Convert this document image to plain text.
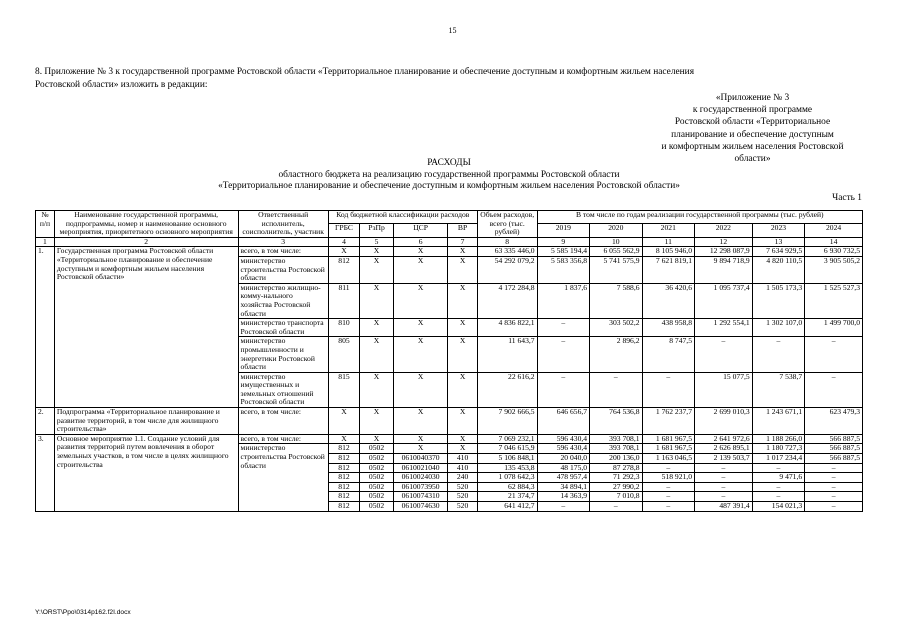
15
8. Приложение № 3 к государственной программе Ростовской области «Территориальное планирование и обеспечение доступным и комфортным жильем населения
Ростовской области» изложить в редакции:
«Приложение № 3
к государственной программе
Ростовской области «Территориальное
планирование и обеспечение доступным
и комфортным жильем населения Ростовской области»
РАСХОДЫ
областного бюджета на реализацию государственной программы Ростовской области
«Территориальное планирование и обеспечение доступным и комфортным жильем населения Ростовской области»
Часть 1
№ п/п	Наименование государственной программы, подпрограммы, номер и наименование основного мероприятия, приоритетного основного мероприятия	Ответственный исполнитель, соисполнитель, участник	Код бюджетной классификации расходов				Объем расходов, всего (тыс. рублей)	В том числе по годам реализации государственной программы (тыс. рублей)					
			ГРБС	РзПр	ЦСР	ВР		2019	2020	2021	2022	2023	2024
1	2	3	4	5	6	7	8	9	10	11	12	13	14
1.	Государственная программа Ростовской области «Территориальное планирование и обеспечение доступным и комфортным жильем населения Ростовской области»	всего, в том числе:	Х	Х	Х	Х	63 335 446,0	5 585 194,4	6 055 562,9	8 105 946,0	12 298 087,9	7 634 929,5	6 930 732,5
		министерство строительства Ростовской области	812	Х	Х	Х	54 292 079,2	5 583 356,8	5 741 575,9	7 621 819,1	9 894 718,9	4 820 110,5	3 905 505,2
		министерство жилищно-комму-нального хозяйства Ростовской области	811	Х	Х	Х	4 172 284,8	1 837,6	7 588,6	36 420,6	1 095 737,4	1 505 173,3	1 525 527,3
		министерство транспорта Ростовской области	810	Х	Х	Х	4 836 822,1	–	303 502,2	438 958,8	1 292 554,1	1 302 107,0	1 499 700,0
		министерство промышленности и энергетики Ростовской области	805	Х	Х	Х	11 643,7	–	2 896,2	8 747,5	–	–	–
		министерство имущественных и земельных отношений Ростовской области	815	Х	Х	Х	22 616,2	–	–	–	15 077,5	7 538,7	–
2.	Подпрограмма «Территориальное планирование и развитие территорий, в том числе для жилищного строительства»	всего, в том числе:	Х	Х	Х	Х	7 902 666,5	646 656,7	764 536,8	1 762 237,7	2 699 010,3	1 243 671,1	623 479,3
3.	Основное мероприятие 1.1. Создание условий для развития территорий путем вовлечения в оборот земельных участков, в том числе в целях жилищного строительства	всего, в том числе:	Х	Х	Х	Х	7 069 232,1	596 430,4	393 708,1	1 681 967,5	2 641 972,6	1 188 266,0	566 887,5
		министерство строительства Ростовской области	812	0502	Х	Х	7 046 615,9	596 430,4	393 708,1	1 681 967,5	2 626 895,1	1 180 727,3	566 887,5
			812	0502	0610040370	410	5 106 848,1	20 040,0	200 136,0	1 163 046,5	2 139 503,7	1 017 234,4	566 887,5
			812	0502	0610021040	410	135 453,8	48 175,0	87 278,8	–	–	–	–
			812	0502	0610024030	240	1 078 642,3	478 957,4	71 292,3	518 921,0	–	9 471,6	–
			812	0502	0610073950	520	62 884,3	34 894,1	27 990,2	–	–	–	–
			812	0502	0610074310	520	21 374,7	14 363,9	7 010,8	–	–	–	–
			812	0502	0610074630	520	641 412,7	–	–	–	487 391,4	154 021,3	–
Y:\ORST\Ppo\0314p162.f2I.docx
